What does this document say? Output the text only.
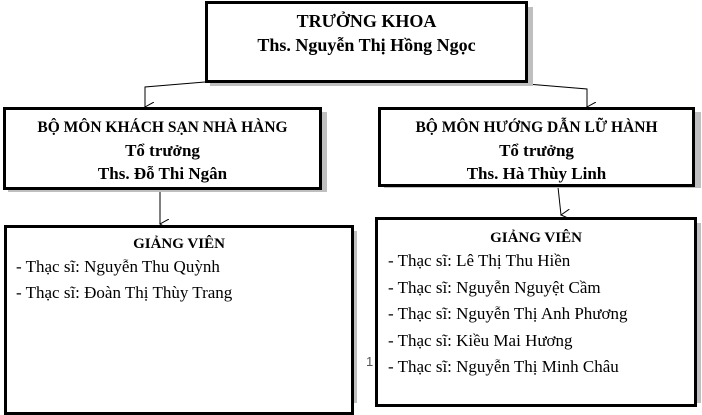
TRƯỞNG KHOA
Ths. Nguyễn Thị Hồng Ngọc
BỘ MÔN KHÁCH SẠN NHÀ HÀNG
Tổ trưởng
Ths. Đỗ Thi Ngân
BỘ MÔN HƯỚNG DẪN LỮ HÀNH
Tổ trưởng
Ths. Hà Thùy Linh
GIẢNG VIÊN
- Thạc sĩ: Nguyễn Thu Quỳnh
- Thạc sĩ: Đoàn Thị Thùy Trang
GIẢNG VIÊN
- Thạc sĩ: Lê Thị Thu Hiền
- Thạc sĩ: Nguyễn Nguyệt Cầm
- Thạc sĩ: Nguyễn Thị Anh Phương
- Thạc sĩ: Kiều Mai Hương
- Thạc sĩ: Nguyễn Thị Minh Châu
1
